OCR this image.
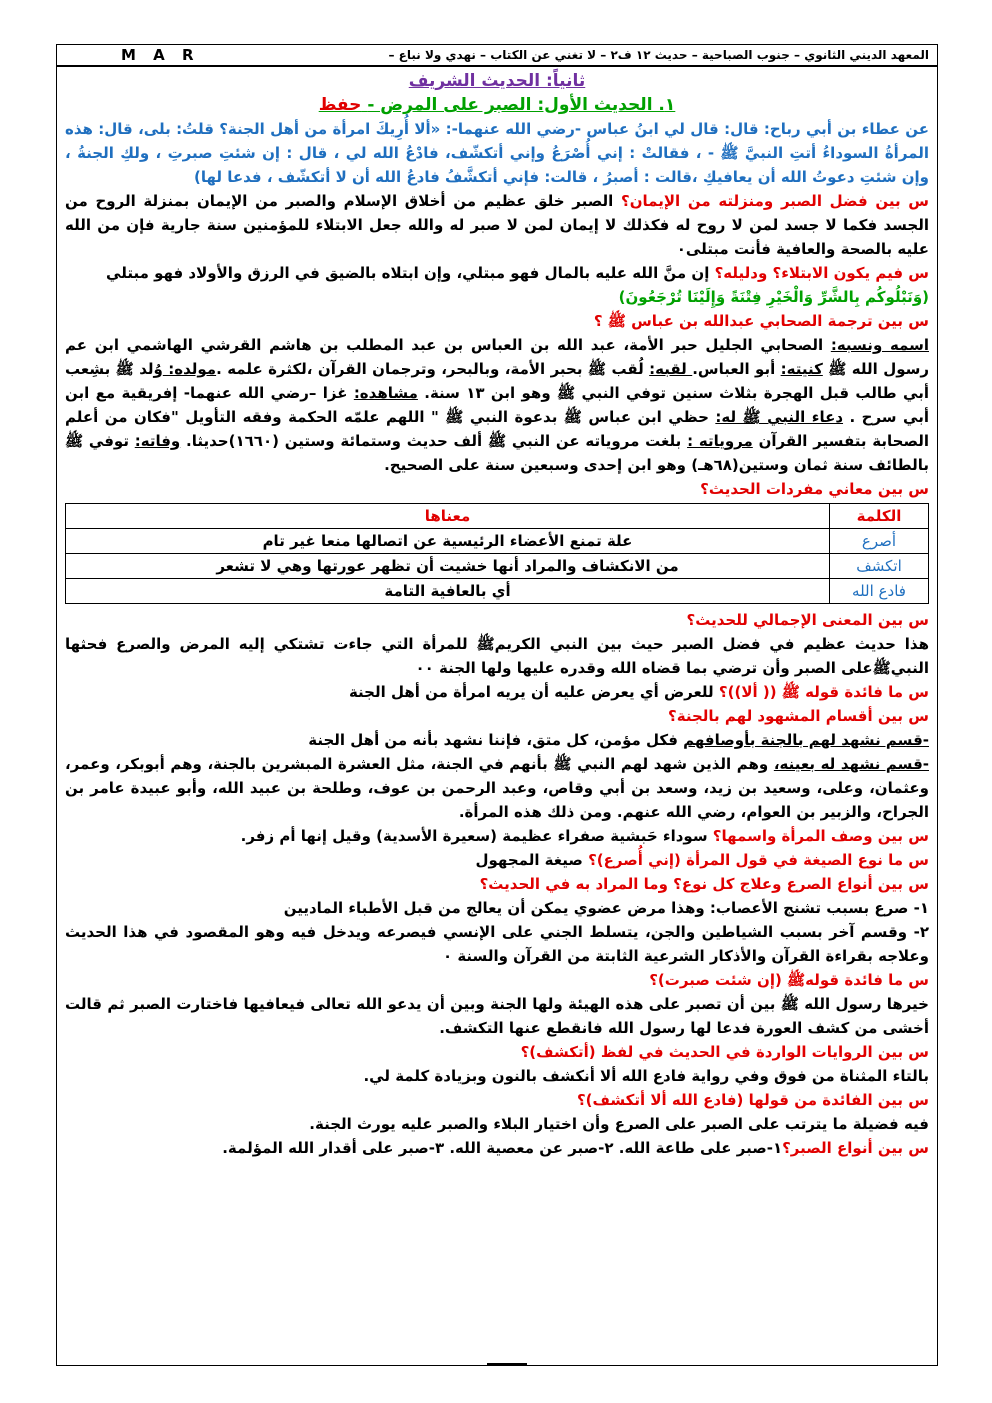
المعهد الديني الثانوي – جنوب الصباحية – حديث ١٢ ف٢ – لا تغني عن الكتاب – نهدي ولا نباع –
M A R

ثانياً: الحديث الشريف

١. الحديث الأول: الصبر على المرض - حفظ

عن عطاء بن أبي رباح: قال: قال لي ابنُ عباس -رضي الله عنهما-: «ألا أُرِيكَ امرأة من أهل الجنة؟ قلتُ: بلى، قال: هذه المرأةُ السوداءُ أتتِ النبيَّ ﷺ - ، فقالتْ : إني أُصْرَعُ وإني أتكشّف، فادْعُ الله لي ، قال : إن شئتِ صبرتِ ، ولكِ الجنةُ ، وإن شئتِ دعوتُ الله أن يعافيكِ ،قالت : أصبرُ ، قالت: فإني أتكشَّفُ فادعُ الله أن لا أتكشّف ، فدعا لها)

س بين فضل الصبر ومنزلته من الإيمان؟ الصبر خلق عظيم من أخلاق الإسلام والصبر من الإيمان بمنزلة الروح من الجسد فكما لا جسد لمن لا روح له فكذلك لا إيمان لمن لا صبر له والله جعل الابتلاء للمؤمنين سنة جارية فإن من الله عليه بالصحة والعافية فأنت مبتلى٠

س فيم يكون الابتلاء؟ ودليله؟ إن منَّ الله عليه بالمال فهو مبتلي، وإن ابتلاه بالضيق في الرزق والأولاد فهو مبتلي

(وَنَبْلُوكُم بِالشَّرِّ وَالْخَيْرِ فِتْنَةً وَإِلَيْنَا تُرْجَعُونَ)

س بين ترجمة الصحابي عبدالله بن عباس ﷺ ؟

اسمه ونسبه: الصحابي الجليل حبر الأمة، عبد الله بن العباس بن عبد المطلب بن هاشم القرشي الهاشمي ابن عم رسول الله ﷺ كنيته: أبو العباس. لقبه: لُقب ﷺ بحبر الأمة، وبالبحر، وترجمان القرآن ،لكثرة علمه .مولده: وُلد ﷺ بشِعب أبي طالب قبل الهجرة بثلاث سنين توفي النبي ﷺ وهو ابن ١٣ سنة. مشاهده: غزا –رضي الله عنهما- إفريقية مع ابن أبي سرح . دعاء النبي ﷺ له: حظي ابن عباس ﷺ بدعوة النبي ﷺ " اللهم علمّه الحكمة وفقه التأويل "فكان من أعلم الصحابة بتفسير القرآن مروياته : بلغت مروياته عن النبي ﷺ ألف حديث وستمائة وستين (١٦٦٠)حديثا. وفاته: توفي ﷺ بالطائف سنة ثمان وستين(٦٨هـ) وهو ابن إحدى وسبعين سنة على الصحيح.

س بين معاني مفردات الحديث؟

الكلمة	معناها
أصرع	علة تمنع الأعضاء الرئيسية عن اتصالها منعا غير تام
اتكشف	من الانكشاف والمراد أنها خشيت أن تظهر عورتها وهي لا تشعر
فادع الله	أي بالعافية التامة

س بين المعنى الإجمالي للحديث؟

هذا حديث عظيم في فضل الصبر حيث بين النبي الكريمﷺ للمرأة التي جاءت تشتكي إليه المرض والصرع فحثها النبيﷺعلى الصبر وأن ترضي بما قضاه الله وقدره عليها ولها الجنة ٠٠

س ما فائدة قوله ﷺ (( ألا))؟ للعرض أي يعرض عليه أن يريه امرأة من أهل الجنة

س بين أقسام المشهود لهم بالجنة؟

-قسم نشهد لهم بالجنة بأوصافهم فكل مؤمن، كل متق، فإننا نشهد بأنه من أهل الجنة

-قسم نشهد له بعينه، وهم الذين شهد لهم النبي ﷺ بأنهم في الجنة، مثل العشرة المبشرين بالجنة، وهم أبوبكر، وعمر، وعثمان، وعلى، وسعيد بن زيد، وسعد بن أبي وقاص، وعبد الرحمن بن عوف، وطلحة بن عبيد الله، وأبو عبيدة عامر بن الجراح، والزبير بن العوام، رضي الله عنهم. ومن ذلك هذه المرأة.

س بين وصف المرأة واسمها؟ سوداء حَبشية صفراء عظيمة (سعيرة الأسدية) وقيل إنها أم زفر.

س ما نوع الصيغة في قول المرأة (إني أُصرع)؟ صيغة المجهول

س بين أنواع الصرع وعلاج كل نوع؟ وما المراد به في الحديث؟

١- صرع بسبب تشنج الأعصاب: وهذا مرض عضوي يمكن أن يعالج من قبل الأطباء الماديين

٢- وقسم آخر بسبب الشياطين والجن، يتسلط الجني على الإنسي فيصرعه ويدخل فيه وهو المقصود في هذا الحديث وعلاجه بقراءة القرآن والأذكار الشرعية الثابتة من القرآن والسنة ٠

س ما فائدة قولهﷺ (إن شئت صبرت)؟

خيرها رسول الله ﷺ بين أن تصبر على هذه الهيئة ولها الجنة وبين أن يدعو الله تعالى فيعافيها فاختارت الصبر ثم قالت أخشى من كشف العورة فدعا لها رسول الله فانقطع عنها التكشف.

س بين الروايات الواردة في الحديث في لفظ (أتكشف)؟

بالتاء المثناة من فوق وفي رواية فادع الله ألا أنكشف بالنون وبزيادة كلمة لي.

س بين الفائدة من قولها (فادع الله ألا أتكشف)؟

فيه فضيلة ما يترتب على الصبر على الصرع وأن اختيار البلاء والصبر عليه يورث الجنة.

س بين أنواع الصبر؟١-صبر على طاعة الله. ٢-صبر عن معصية الله. ٣-صبر على أقدار الله المؤلمة.
